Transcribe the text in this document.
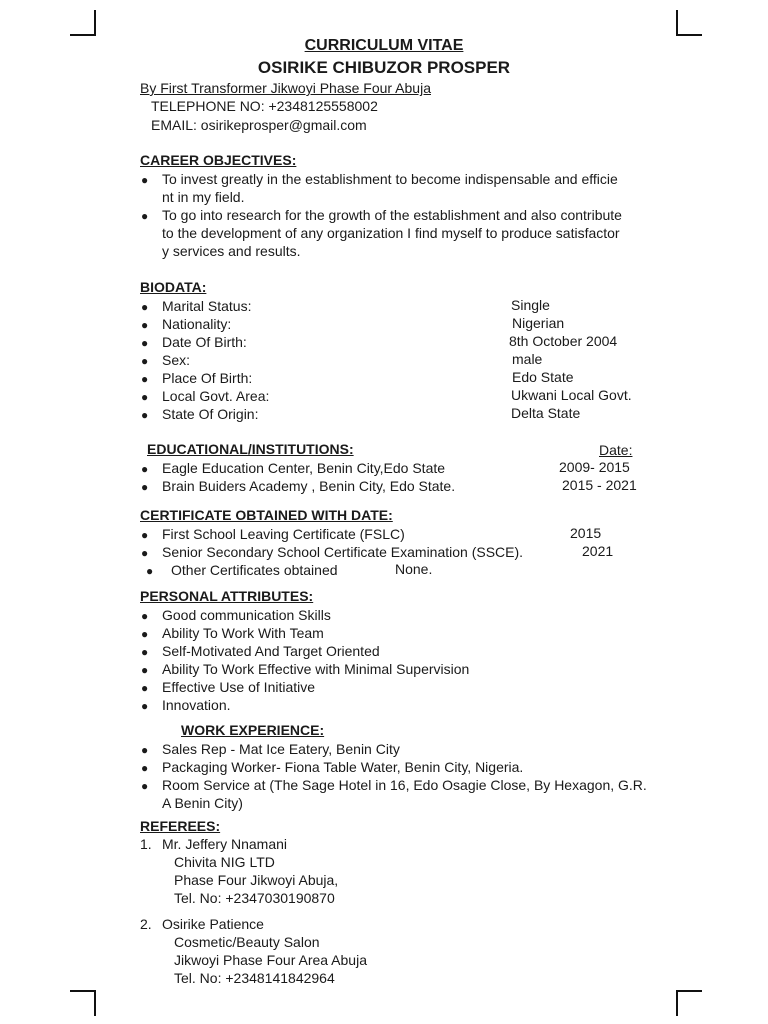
CURRICULUM VITAE
OSIRIKE CHIBUZOR PROSPER
By First Transformer Jikwoyi Phase Four Abuja
TELEPHONE NO: +2348125558002
EMAIL: osirikeprosper@gmail.com
CAREER OBJECTIVES:
● To invest greatly in the establishment to become indispensable and efficie
nt in my field.
● To go into research for the growth of the establishment and also contribute
to the development of any organization I find myself to produce satisfactor
y services and results.
BIODATA:
● Marital Status:	Single
● Nationality:	Nigerian
● Date Of Birth:	8th October 2004
● Sex:	male
● Place Of Birth:	Edo State
● Local Govt. Area:	Ukwani Local Govt.
● State Of Origin:	Delta State
EDUCATIONAL/INSTITUTIONS:	Date:
● Eagle Education Center, Benin City,Edo State	2009- 2015
● Brain Buiders Academy , Benin City, Edo State.	2015 - 2021
CERTIFICATE OBTAINED WITH DATE:
● First School Leaving Certificate (FSLC)	2015
● Senior Secondary School Certificate Examination (SSCE).	2021
● Other Certificates obtained	None.
PERSONAL ATTRIBUTES:
● Good communication Skills
● Ability To Work With Team
● Self-Motivated And Target Oriented
● Ability To Work Effective with Minimal Supervision
● Effective Use of Initiative
● Innovation.
WORK EXPERIENCE:
● Sales Rep - Mat Ice Eatery, Benin City
● Packaging Worker- Fiona Table Water, Benin City, Nigeria.
● Room Service at (The Sage Hotel in 16, Edo Osagie Close, By Hexagon, G.R.
A Benin City)
REFEREES:
1. Mr. Jeffery Nnamani
Chivita NIG LTD
Phase Four Jikwoyi Abuja,
Tel. No: +2347030190870
2. Osirike Patience
Cosmetic/Beauty Salon
Jikwoyi Phase Four Area Abuja
Tel. No: +2348141842964
